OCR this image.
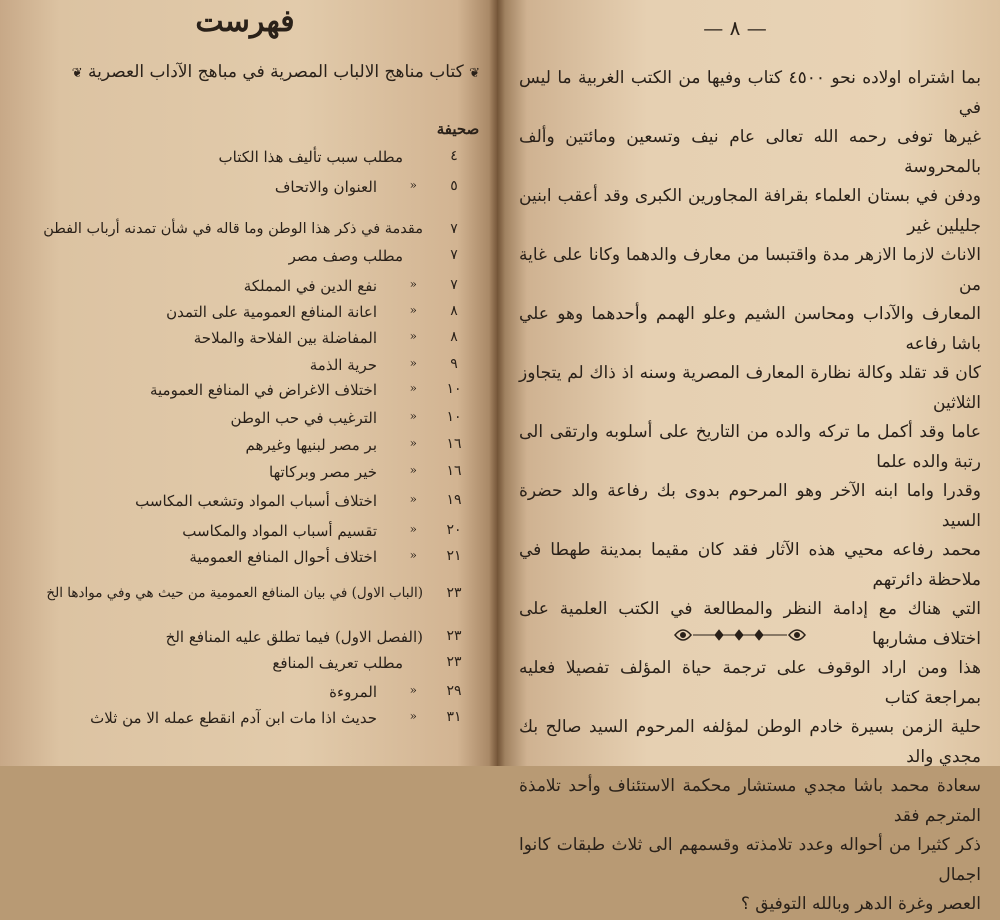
فهرست
❦ كتاب مناهج الالباب المصرية في مباهج الآداب العصرية ❦
صحيفة
٤
مطلب سبب تأليف هذا الكتاب
٥
«
العنوان والاتحاف
٧
مقدمة في ذكر هذا الوطن وما قاله في شأن تمدنه أرباب الفطن
٧
مطلب وصف مصر
٧
«
نفع الدين في المملكة
٨
«
اعانة المنافع العمومية على التمدن
٨
«
المفاضلة بين الفلاحة والملاحة
٩
«
حرية الذمة
١٠
«
اختلاف الاغراض في المنافع العمومية
١٠
«
الترغيب في حب الوطن
١٦
«
بر مصر لبنيها وغيرهم
١٦
«
خير مصر وبركاتها
١٩
«
اختلاف أسباب المواد وتشعب المكاسب
٢٠
«
تقسيم أسباب المواد والمكاسب
٢١
«
اختلاف أحوال المنافع العمومية
٢٣
(الباب الاول) في بيان المنافع العمومية من حيث هي وفي موادها الخ
٢٣
(الفصل الاول) فيما تطلق عليه المنافع الخ
٢٣
مطلب تعريف المنافع
٢٩
«
المروءة
٣١
«
حديث اذا مات ابن آدم انقطع عمله الا من ثلاث
— ٨ —

بما اشتراه اولاده نحو ٤٥٠٠ كتاب وفيها من الكتب الغربية ما ليس في

غيرها توفى رحمه الله تعالى عام نيف وتسعين ومائتين وألف بالمحروسة

ودفن في بستان العلماء بقرافة المجاورين الكبرى وقد أعقب ابنين جليلين غير

الاناث لازما الازهر مدة واقتبسا من معارف والدهما وكانا على غاية من

المعارف والآداب ومحاسن الشيم وعلو الهمم وأحدهما وهو علي باشا رفاعه

كان قد تقلد وكالة نظارة المعارف المصرية وسنه اذ ذاك لم يتجاوز الثلاثين

عاما وقد أكمل ما تركه والده من التاريخ على أسلوبه وارتقى الى رتبة والده علما

وقدرا واما ابنه الآخر وهو المرحوم بدوى بك رفاعة والد حضرة السيد

محمد رفاعه محيي هذه الآثار فقد كان مقيما بمدينة طهطا في ملاحظة دائرتهم

التي هناك مع إدامة النظر والمطالعة في الكتب العلمية على اختلاف مشاربها

هذا ومن اراد الوقوف على ترجمة حياة المؤلف تفصيلا فعليه بمراجعة كتاب

حلية الزمن بسيرة خادم الوطن لمؤلفه المرحوم السيد صالح بك مجدي والد

سعادة محمد باشا مجدي مستشار محكمة الاستئناف وأحد تلامذة المترجم فقد

ذكر كثيرا من أحواله وعدد تلامذته وقسمهم الى ثلاث طبقات كانوا اجمال

العصر وغرة الدهر وبالله التوفيق ؟
